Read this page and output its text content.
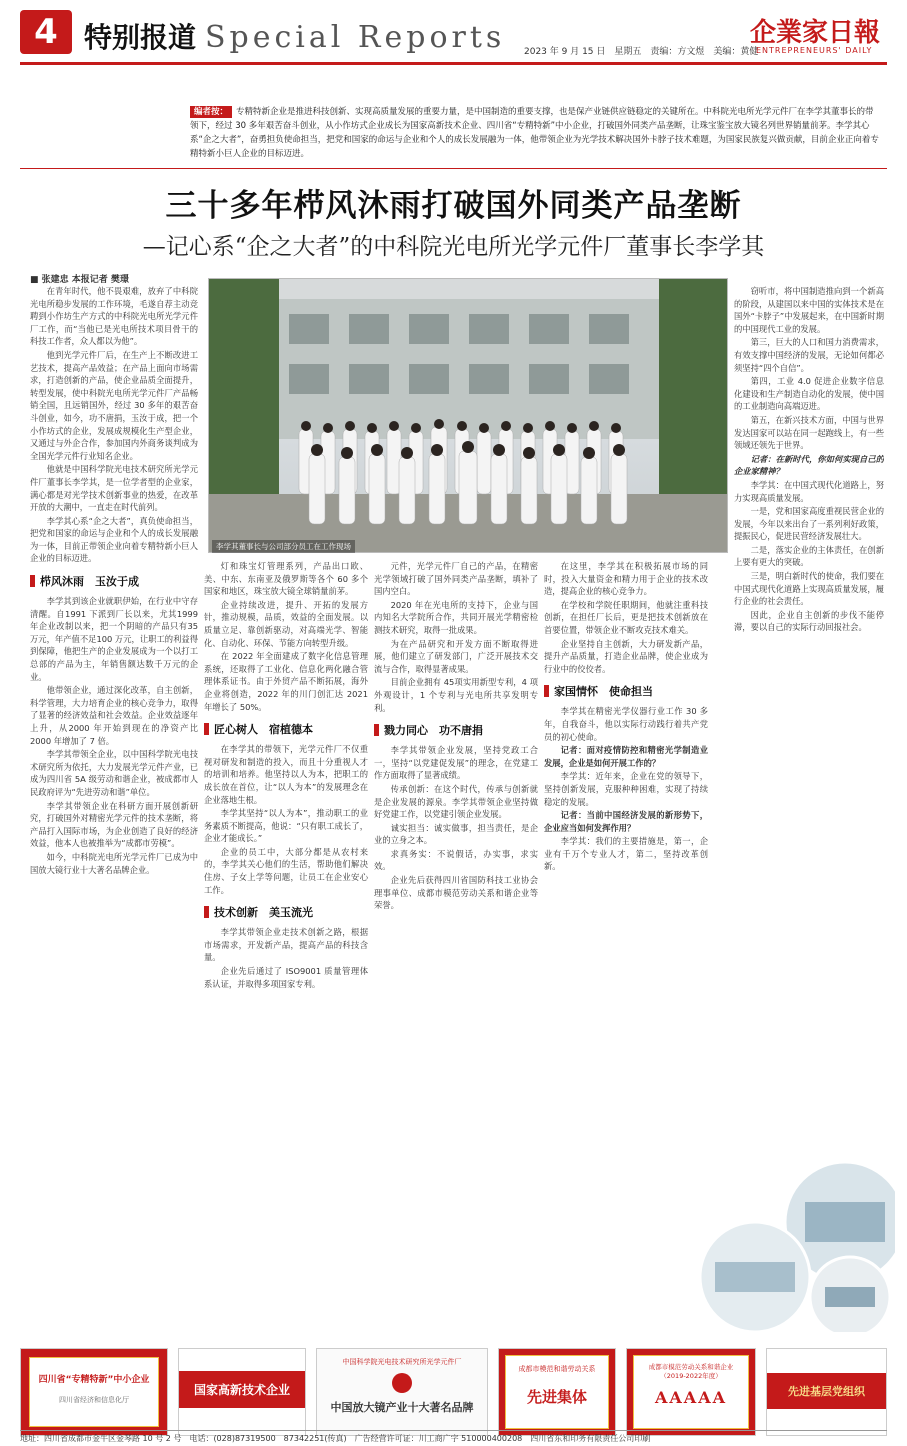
4 特别报道 Special Reports 2023 年 9 月 15 日　星期五　责编：方文煜　美编：黄健
企業家日報
ENTREPRENEURS' DAILY
编者按： 专精特新企业是推进科技创新、实现高质量发展的重要力量，是中国制造的重要支撑，也是保产业链供应链稳定的关键所在。中科院光电所光学元件厂在李学其董事长的带领下，经过 30 多年艰苦奋斗创业，从小作坊式企业成长为国家高新技术企业、四川省“专精特新”中小企业，打破国外同类产品垄断，让珠宝鉴宝放大镜名列世界销量前茅。李学其心系“企之大者”，奋勇担负使命担当，把党和国家的命运与企业和个人的成长发展融为一体，他带领企业为光学技术解决国外卡脖子技术难题，为国家民族复兴做贡献，目前企业正向着专精特新小巨人企业的目标迈进。
三十多年栉风沐雨打破国外同类产品垄断
—记心系“企之大者”的中科院光电所光学元件厂董事长李学其
■ 张建忠 本报记者 樊璟
李学其董事长与公司部分员工在工作现场

在青年时代，他不畏艰难，放弃了中科院光电所稳步发展的工作环境，毛遂自荐主动竞聘到小作坊生产方式的中科院光电所光学元件厂工作，而“当他已是光电所技术项目骨干的科技工作者，众人都以为他”。

他到光学元件厂后，在生产上不断改进工艺技术，提高产品效益；在产品上面向市场需求，打造创新的产品，使企业品质全面提升，转型发展，使中科院光电所光学元件厂产品畅销全国，且远销国外，经过 30 多年的艰苦奋斗创业，如今，功不唐捐，玉汝于成，把一个小作坊式的企业，发展成规模化生产型企业，又通过与外企合作，参加国内外商务谈判成为全国光学元件行业知名企业。

他就是中国科学院光电技术研究所光学元件厂董事长李学其，是一位学者型的企业家，满心都是对光学技术创新事业的热爱，在改革开放的大潮中，一直走在时代前列。

李学其心系“企之大者”，真负使命担当，把党和国家的命运与企业和个人的成长发展融为一体，目前正带领企业向着专精特新小巨人企业的目标迈进。

栉风沐雨　玉汝于成

李学其到该企业就职伊始，在行业中守存清醒。自1991 下派到厂长以来，尤其1999年企业改制以来，把一个阴暗的产品只有35 万元，年产值不足100 万元，让职工的利益得到保障，他把生产的企业发展成为一个以打工总部的产品为主，年销售额达数千万元的企业。

他带领企业，通过深化改革，自主创新，科学管理，大力培育企业的核心竞争力，取得了显著的经济效益和社会效益。企业效益逐年上升，从2000 年开始到现在的净资产比 2000 年增加了 7 倍。

李学其带领全企业，以中国科学院光电技术研究所为依托，大力发展光学元件产业，已成为四川省 5A 级劳动和谐企业，被成都市人民政府评为“先进劳动和谐”单位。

李学其带领企业在科研方面开展创新研究，打破国外对精密光学元件的技术垄断，将产品打入国际市场，为企业创造了良好的经济效益，他本人也被推举为“成都市劳模”。

如今，中科院光电所光学元件厂已成为中国放大镜行业十大著名品牌企业。

灯和珠宝灯管理系列，产品出口欧、美、中东、东南亚及俄罗斯等各个 60 多个国家和地区，珠宝放大镜全球销量前茅。

企业持续改进，提升、开拓的发展方针，推动规模，品质，效益的全面发展。以质量立足、靠创新驱动，对高端光学、智能化、自动化、环保、节能方向转型升级。

在 2022 年全面建成了数字化信息管理系统，还取得了工业化、信息化两化融合管理体系证书。由于外贸产品不断拓展，海外企业将创造，2022 年的川门创汇达 2021 年增长了 50%。

匠心树人　宿植德本

在李学其的带领下，光学元件厂不仅重视对研发和制造的投入，而且十分重视人才的培训和培养。他坚持以人为本，把职工的成长放在首位，让“以人为本”的发展理念在企业落地生根。

李学其坚持“以人为本”，推动职工的业务素质不断提高，他说：“只有职工成长了，企业才能成长。”

企业的员工中，大部分都是从农村来的，李学其关心他们的生活，帮助他们解决住房、子女上学等问题，让员工在企业安心工作。

技术创新　美玉流光

李学其带领企业走技术创新之路，根据市场需求，开发新产品，提高产品的科技含量。

企业先后通过了 ISO9001 质量管理体系认证，并取得多项国家专利。

元件，光学元件厂自己的产品，在精密光学领域打破了国外同类产品垄断，填补了国内空白。

2020 年在光电所的支持下，企业与国内知名大学院所合作，共同开展光学精密检测技术研究，取得一批成果。

为在产品研究和开发方面不断取得进展，他们建立了研发部门，广泛开展技术交流与合作，取得显著成果。

目前企业拥有 45项实用新型专利，4 项外观设计，1 个专利与光电所共享发明专利。

戮力同心　功不唐捐

李学其带领企业发展，坚持党政工合一，坚持“以党建促发展”的理念，在党建工作方面取得了显著成绩。

传承创新：在这个时代，传承与创新就是企业发展的源泉。李学其带领企业坚持做好党建工作，以党建引领企业发展。

诚实担当：诚实做事，担当责任，是企业的立身之本。

求真务实：不说假话，办实事，求实效。

企业先后获得四川省国防科技工业协会理事单位、成都市模范劳动关系和谐企业等荣誉。

在这里，李学其在积极拓展市场的同时，投入大量资金和精力用于企业的技术改造，提高企业的核心竞争力。

在学校和学院任职期间，他就注重科技创新，在担任厂长后，更是把技术创新放在首要位置，带领企业不断攻克技术难关。

企业坚持自主创新，大力研发新产品，提升产品质量，打造企业品牌，使企业成为行业中的佼佼者。

家国情怀　使命担当

李学其在精密光学仪器行业工作 30 多年，自我奋斗，他以实际行动践行着共产党员的初心使命。

记者：面对疫情防控和精密光学制造业发展，企业是如何开展工作的？

李学其：近年来，企业在党的领导下，坚持创新发展，克服种种困难，实现了持续稳定的发展。

记者：当前中国经济发展的新形势下，企业应当如何发挥作用？

李学其：我们的主要措施是，第一，企业有千万个专业人才，第二，坚持改革创新。

窃听市，将中国制造推向到一个新高的阶段，从建国以来中国的实体技术是在国外“卡脖子”中发展起来，在中国新时期的中国现代工业的发展。

第三，巨大的人口和国力消费需求，有效支撑中国经济的发展，无论如何都必须坚持“四个自信”。

第四，工业 4.0 促进企业数字信息化建设和生产制造自动化的发展，使中国的工业制造向高端迈进。

第五，在新兴技术方面，中国与世界发达国家可以站在同一起跑线上，有一些领域还领先于世界。

记者：在新时代，你如何实现自己的企业家精神？

李学其：在中国式现代化道路上，努力实现高质量发展。

一是，党和国家高度重视民营企业的发展，今年以来出台了一系列利好政策，提振民心，促进民营经济发展壮大。

二是，落实企业的主体责任，在创新上要有更大的突破。

三是，明白新时代的使命，我们要在中国式现代化道路上实现高质量发展，履行企业的社会责任。

因此，企业自主创新的步伐不能停滞，要以自己的实际行动回报社会。

四川省“专精特新”中小企业
四川省经济和信息化厅
国家高新技术企业
中国科学院光电技术研究所光学元件厂
中国放大镜产业十大著名品牌
成都市模范和谐劳动关系
先进集体
成都市模范劳动关系和谐企业（2019-2022年度）
AAAAA	先进基层党组织
地址：四川省成都市金牛区金琴路 10 号 2 号　电话：(028)87319500　87342251(传真)　广告经营许可证：川工商广字 510000400208　四川省东和印务有限责任公司印刷
